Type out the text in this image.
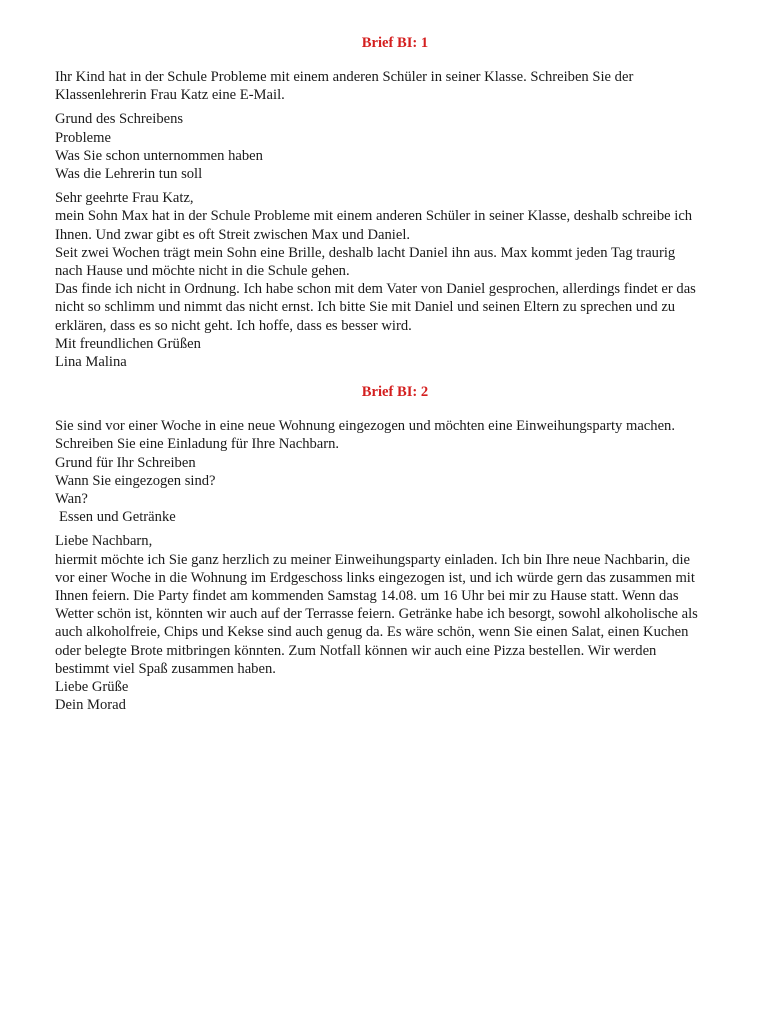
Brief BI: 1
Ihr Kind hat in der Schule Probleme mit einem anderen Schüler in seiner Klasse. Schreiben Sie der
Klassenlehrerin Frau Katz eine E-Mail.
Grund des Schreibens
Probleme
Was Sie schon unternommen haben
Was die Lehrerin tun soll
Sehr geehrte Frau Katz,
mein Sohn Max hat in der Schule Probleme mit einem anderen Schüler in seiner Klasse, deshalb schreibe ich
Ihnen. Und zwar gibt es oft Streit zwischen Max und Daniel.
Seit zwei Wochen trägt mein Sohn eine Brille, deshalb lacht Daniel ihn aus. Max kommt jeden Tag traurig
nach Hause und möchte nicht in die Schule gehen.
Das finde ich nicht in Ordnung. Ich habe schon mit dem Vater von Daniel gesprochen, allerdings findet er das
nicht so schlimm und nimmt das nicht ernst. Ich bitte Sie mit Daniel und seinen Eltern zu sprechen und zu
erklären, dass es so nicht geht. Ich hoffe, dass es besser wird.
Mit freundlichen Grüßen
Lina Malina
Brief BI: 2
Sie sind vor einer Woche in eine neue Wohnung eingezogen und möchten eine Einweihungsparty machen.
Schreiben Sie eine Einladung für Ihre Nachbarn.
Grund für Ihr Schreiben
Wann Sie eingezogen sind?
Wan?
Essen und Getränke
Liebe Nachbarn,
hiermit möchte ich Sie ganz herzlich zu meiner Einweihungsparty einladen. Ich bin Ihre neue Nachbarin, die
vor einer Woche in die Wohnung im Erdgeschoss links eingezogen ist, und ich würde gern das zusammen mit
Ihnen feiern. Die Party findet am kommenden Samstag 14.08. um 16 Uhr bei mir zu Hause statt. Wenn das
Wetter schön ist, könnten wir auch auf der Terrasse feiern. Getränke habe ich besorgt, sowohl alkoholische als
auch alkoholfreie, Chips und Kekse sind auch genug da. Es wäre schön, wenn Sie einen Salat, einen Kuchen
oder belegte Brote mitbringen könnten. Zum Notfall können wir auch eine Pizza bestellen. Wir werden
bestimmt viel Spaß zusammen haben.
Liebe Grüße
Dein Morad
